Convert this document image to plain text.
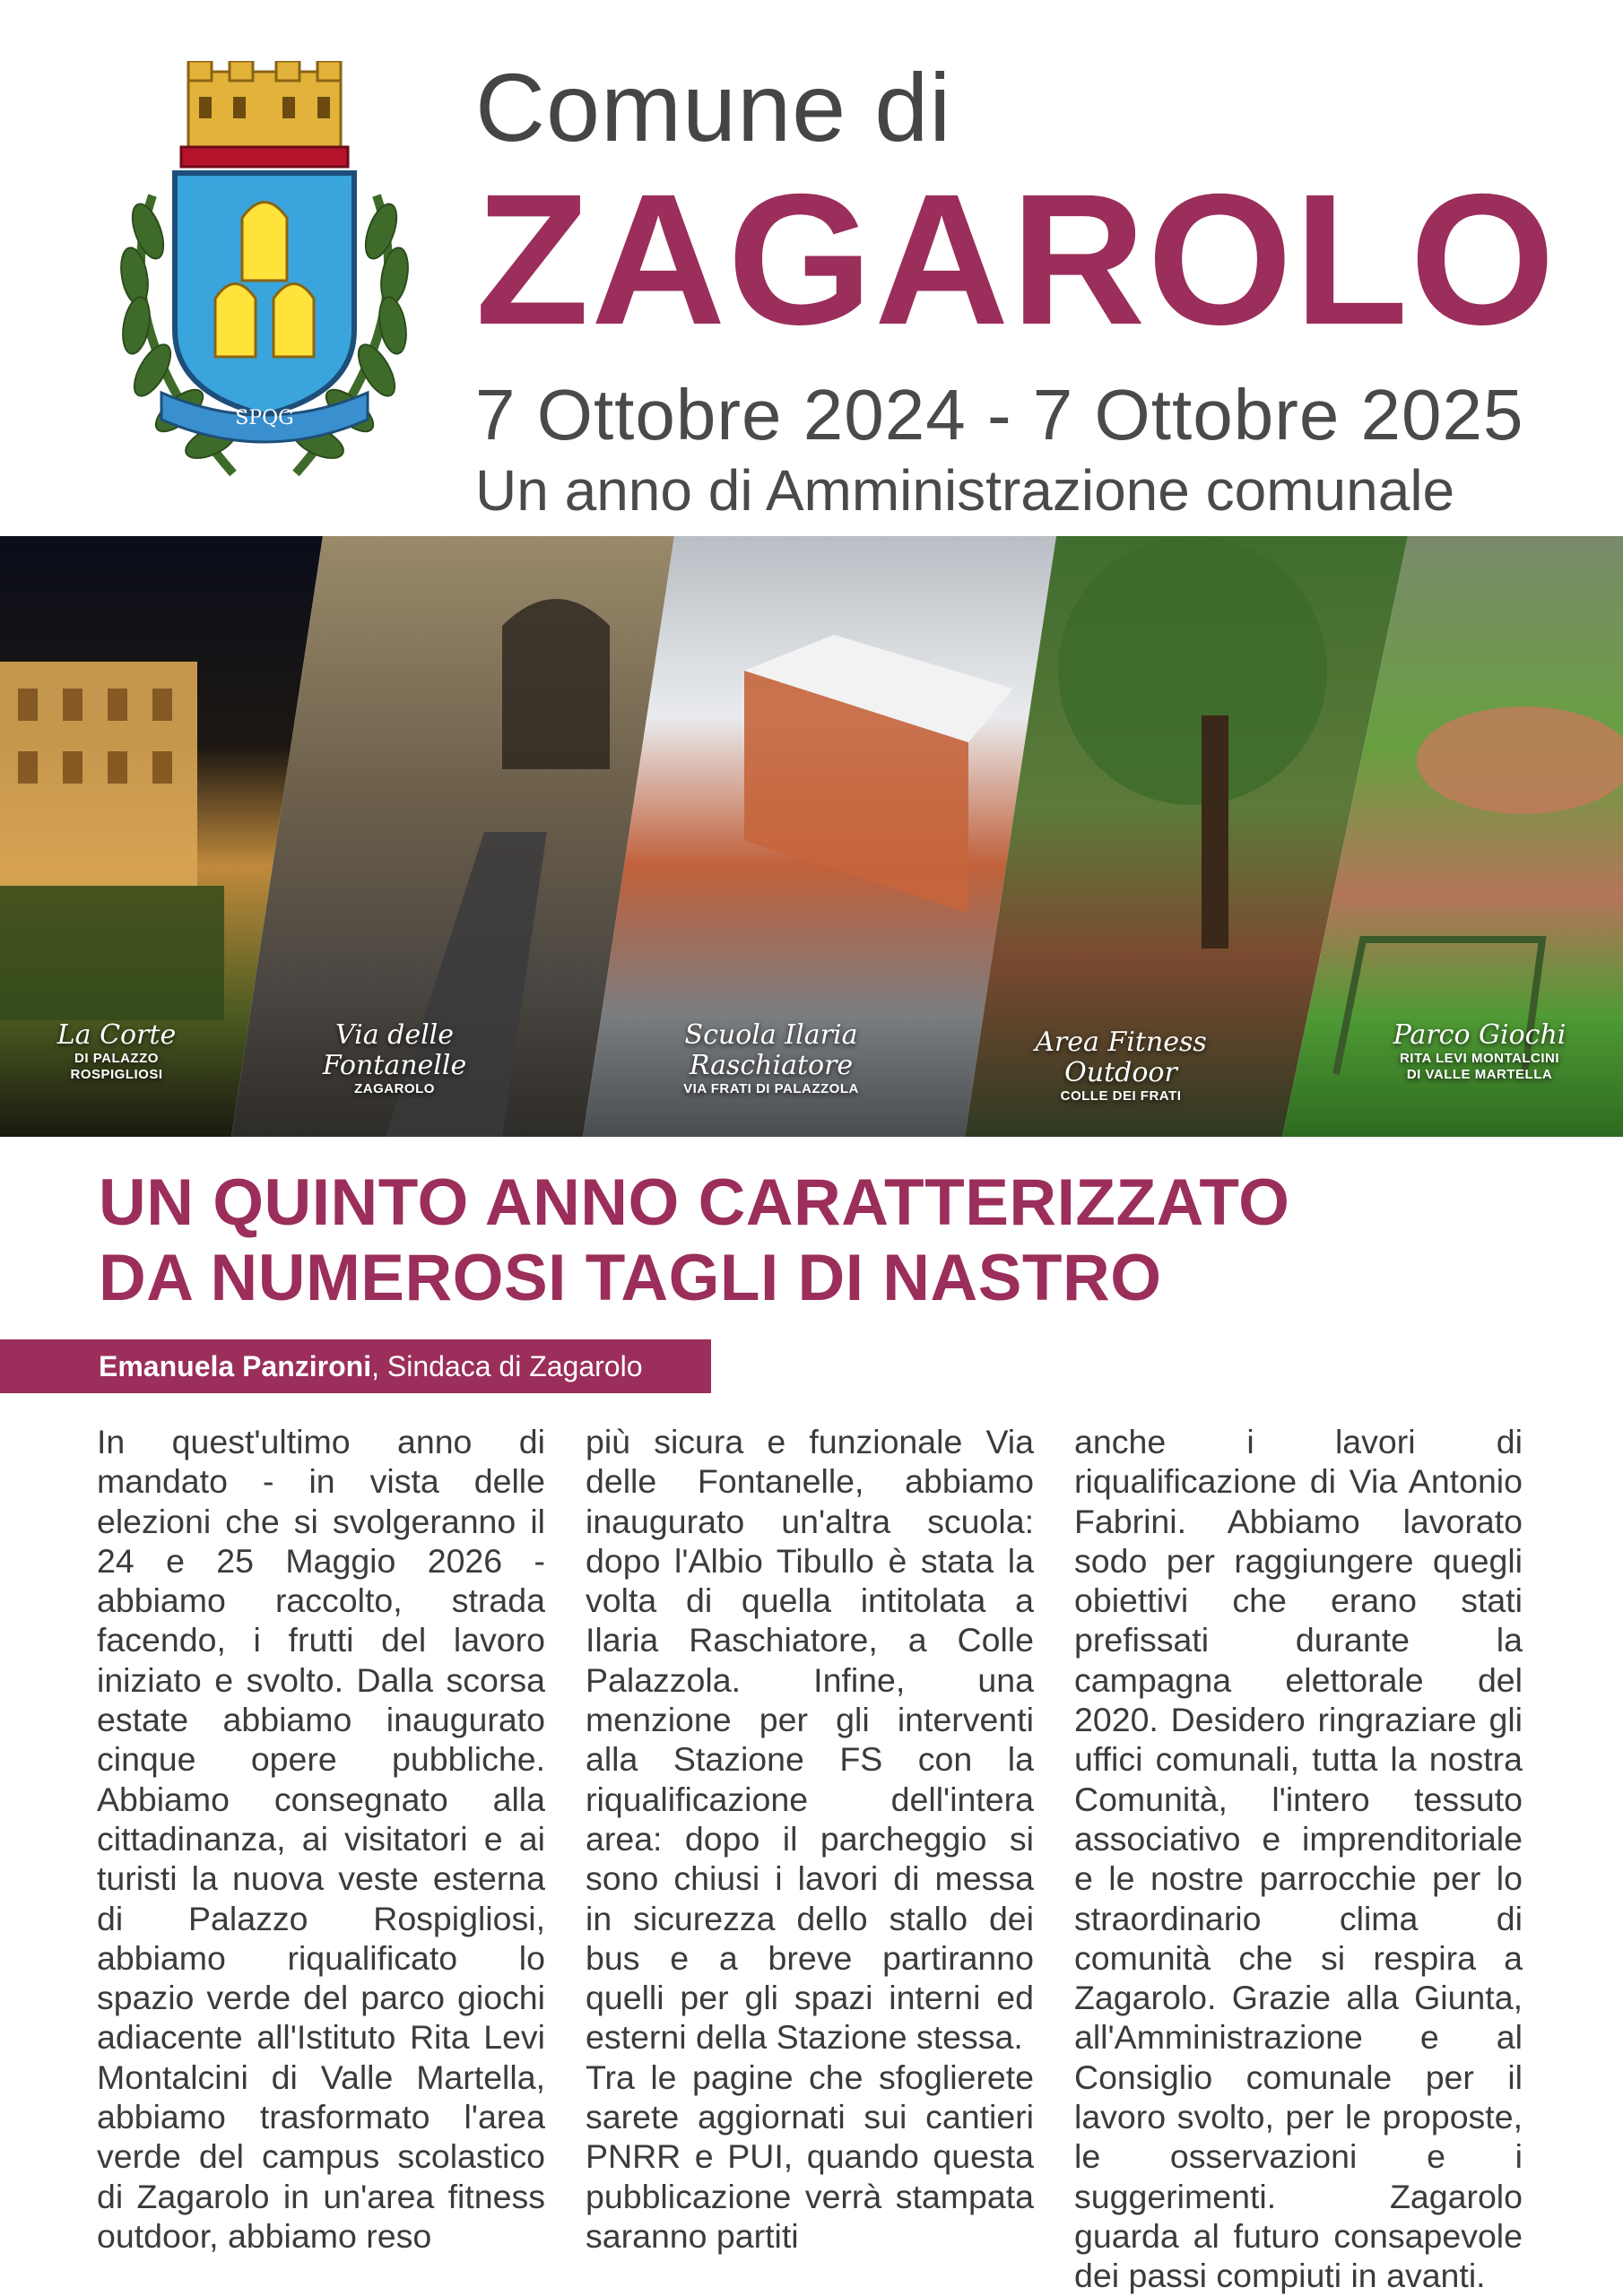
SPQG
Comune di
ZAGAROLO
7 Ottobre 2024 - 7 Ottobre 2025
Un anno di Amministrazione comunale
La Corte
DI PALAZZO ROSPIGLIOSI
Via delle Fontanelle
ZAGAROLO
Scuola Ilaria Raschiatore
VIA FRATI DI PALAZZOLA
Area Fitness Outdoor
COLLE DEI FRATI
Parco Giochi
RITA LEVI MONTALCINI
DI VALLE MARTELLA
UN QUINTO ANNO CARATTERIZZATO
DA NUMEROSI TAGLI DI NASTRO
Emanuela Panzironi, Sindaca di Zagarolo

In quest'ultimo anno di mandato - in vista delle elezioni che si svolgeranno il 24 e 25 Maggio 2026 - abbiamo raccolto, strada facendo, i frutti del lavoro iniziato e svolto. Dalla scorsa estate abbiamo inaugurato cinque opere pubbliche. Abbiamo consegnato alla cittadinanza, ai visitatori e ai turisti la nuova veste esterna di Palazzo Rospigliosi, abbiamo riqualificato lo spazio verde del parco giochi adiacente all'Istituto Rita Levi Montalcini di Valle Martella, abbiamo trasformato l'area verde del campus scolastico di Zagarolo in un'area fitness outdoor, abbiamo reso

più sicura e funzionale Via delle Fontanelle, abbiamo inaugurato un'altra scuola: dopo l'Albio Tibullo è stata la volta di quella intitolata a Ilaria Raschiatore, a Colle Palazzola. Infine, una menzione per gli interventi alla Stazione FS con la riqualificazione dell'intera area: dopo il parcheggio si sono chiusi i lavori di messa in sicurezza dello stallo dei bus e a breve partiranno quelli per gli spazi interni ed esterni della Stazione stessa.

Tra le pagine che sfoglierete sarete aggiornati sui cantieri PNRR e PUI, quando questa pubblicazione verrà stampata saranno partiti

anche i lavori di riqualificazione di Via Antonio Fabrini. Abbiamo lavorato sodo per raggiungere quegli obiettivi che erano stati prefissati durante la campagna elettorale del 2020. Desidero ringraziare gli uffici comunali, tutta la nostra Comunità, l'intero tessuto associativo e imprenditoriale e le nostre parrocchie per lo straordinario clima di comunità che si respira a Zagarolo. Grazie alla Giunta, all'Amministrazione e al Consiglio comunale per il lavoro svolto, per le proposte, le osservazioni e i suggerimenti. Zagarolo guarda al futuro consapevole dei passi compiuti in avanti.
